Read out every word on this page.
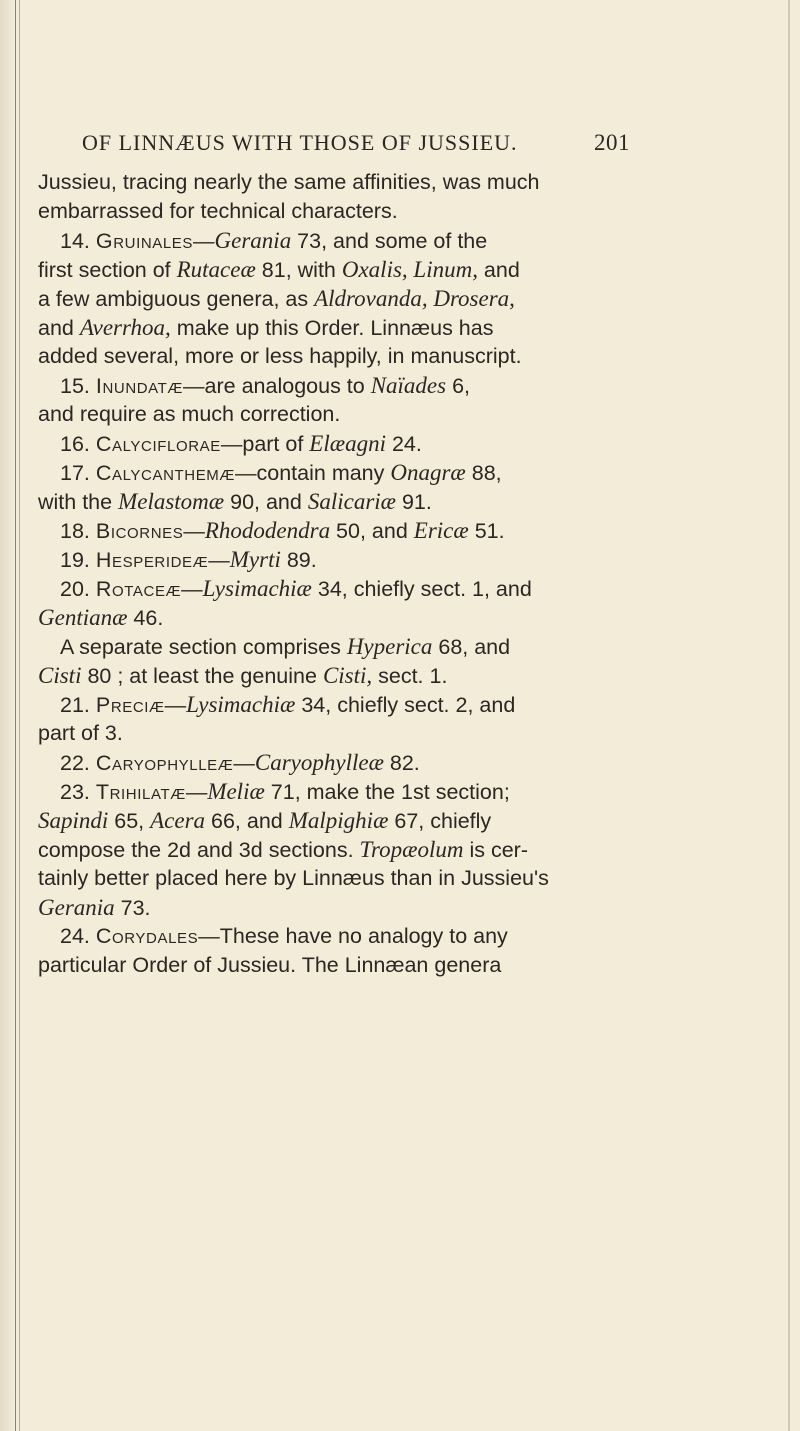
OF LINNÆUS WITH THOSE OF JUSSIEU.	201
Jussieu, tracing nearly the same affinities, was much
embarrassed for technical characters.
14. Gruinales—Gerania 73, and some of the
first section of Rutaceæ 81, with Oxalis, Linum, and
a few ambiguous genera, as Aldrovanda, Drosera,
and Averrhoa, make up this Order. Linnæus has
added several, more or less happily, in manuscript.
15. Inundatæ—are analogous to Naïades 6,
and require as much correction.
16. Calyciflorae—part of Elæagni 24.
17. Calycanthemæ—contain many Onagræ 88,
with the Melastomæ 90, and Salicariæ 91.
18. Bicornes—Rhododendra 50, and Ericæ 51.
19. Hesperideæ—Myrti 89.
20. Rotaceæ—Lysimachiæ 34, chiefly sect. 1, and
Gentianæ 46.
A separate section comprises Hyperica 68, and
Cisti 80 ; at least the genuine Cisti, sect. 1.
21. Preciæ—Lysimachiæ 34, chiefly sect. 2, and
part of 3.
22. Caryophylleæ—Caryophylleæ 82.
23. Trihilatæ—Meliæ 71, make the 1st section;
Sapindi 65, Acera 66, and Malpighiæ 67, chiefly
compose the 2d and 3d sections. Tropæolum is cer-
tainly better placed here by Linnæus than in Jussieu's
Gerania 73.
24. Corydales—These have no analogy to any
particular Order of Jussieu. The Linnæan genera
